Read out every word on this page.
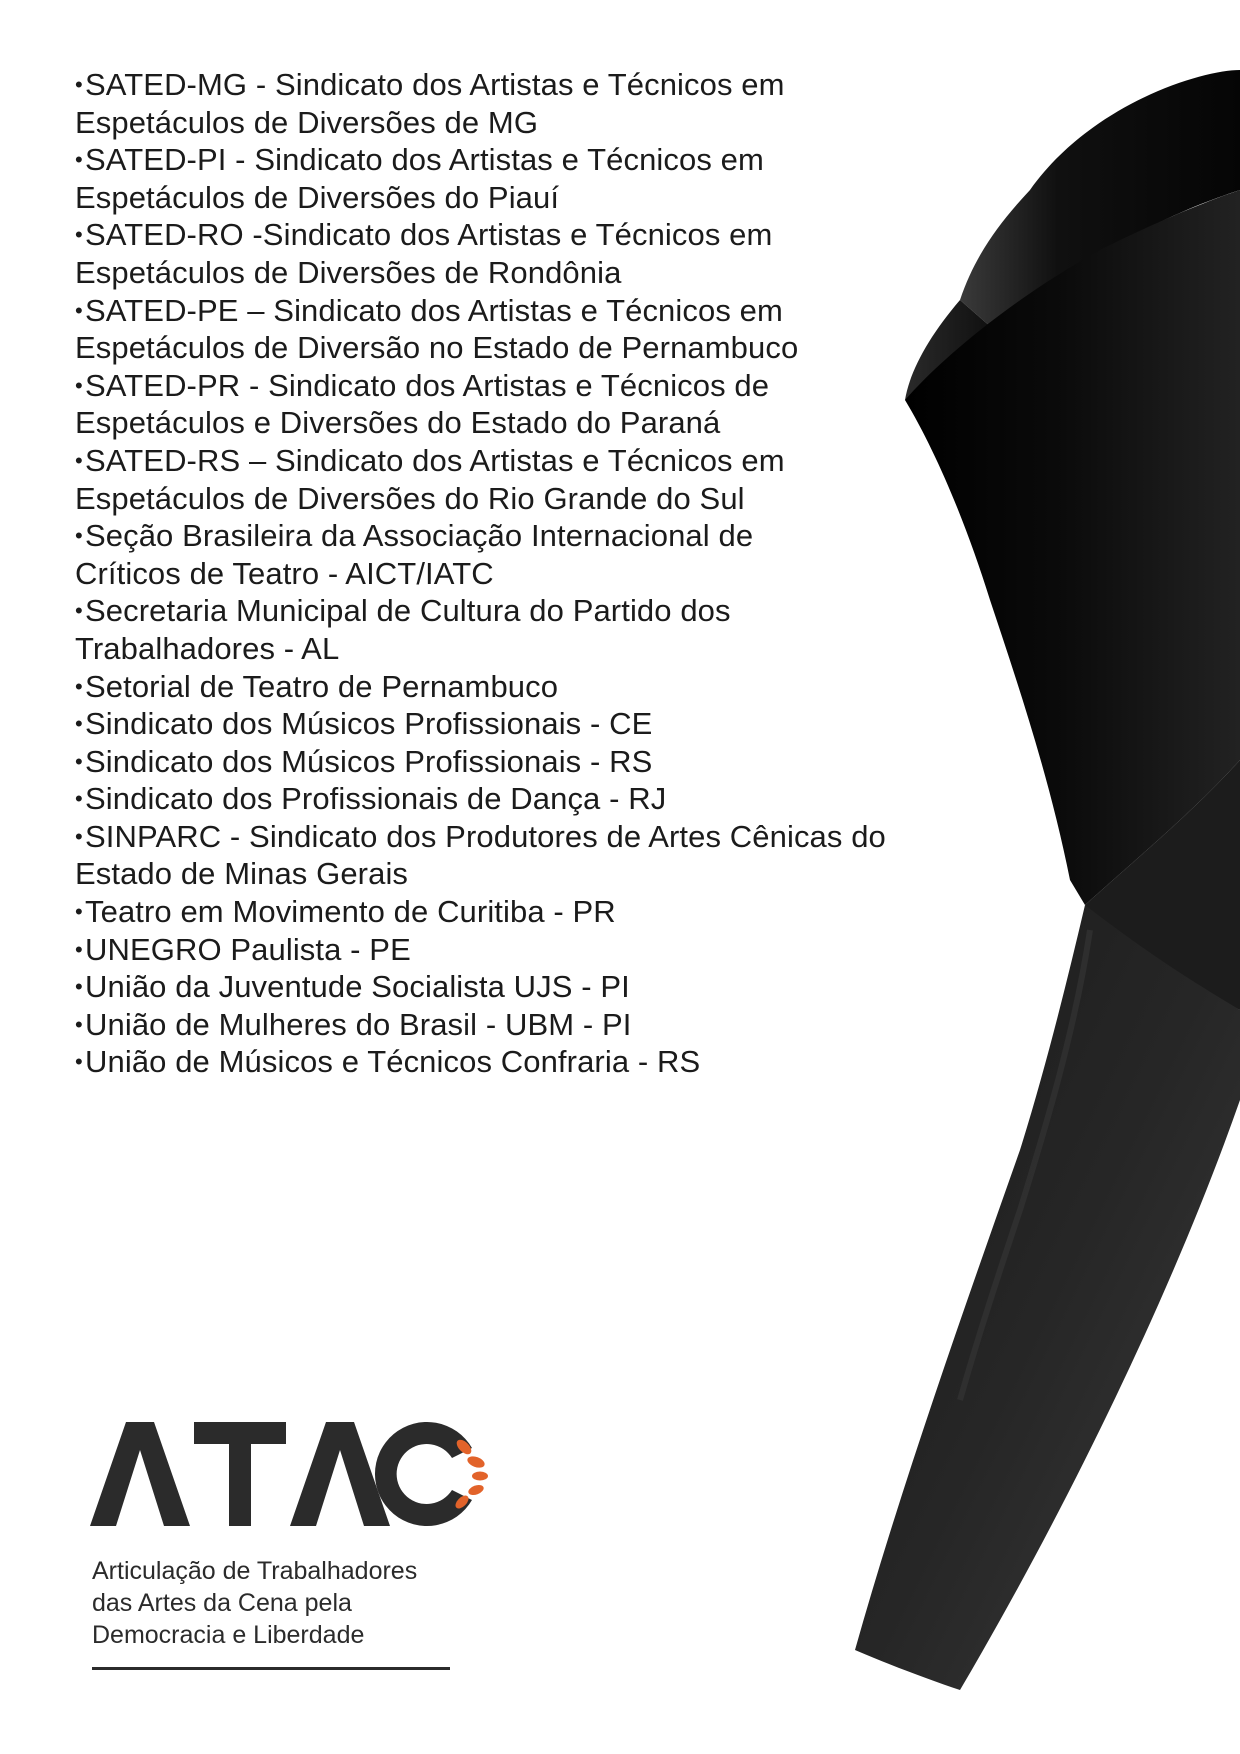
•SATED-MG - Sindicato dos Artistas e Técnicos em
Espetáculos de Diversões de MG
•SATED-PI - Sindicato dos Artistas e Técnicos em
Espetáculos de Diversões do Piauí
•SATED-RO -Sindicato dos Artistas e Técnicos em
Espetáculos de Diversões de Rondônia
•SATED-PE – Sindicato dos Artistas e Técnicos em
Espetáculos de Diversão no Estado de Pernambuco
•SATED-PR - Sindicato dos Artistas e Técnicos de
Espetáculos e Diversões do Estado do Paraná
•SATED-RS – Sindicato dos Artistas e Técnicos em
Espetáculos de Diversões do Rio Grande do Sul
•Seção Brasileira da Associação Internacional de
Críticos de Teatro - AICT/IATC
•Secretaria Municipal de Cultura do Partido dos
Trabalhadores - AL
•Setorial de Teatro de Pernambuco
•Sindicato dos Músicos Profissionais - CE
•Sindicato dos Músicos Profissionais - RS
•Sindicato dos Profissionais de Dança - RJ
•SINPARC - Sindicato dos Produtores de Artes Cênicas do
Estado de Minas Gerais
•Teatro em Movimento de Curitiba - PR
•UNEGRO Paulista - PE
•União da Juventude Socialista UJS - PI
•União de Mulheres do Brasil - UBM - PI
•União de Músicos e Técnicos Confraria - RS
Articulação de Trabalhadores
das Artes da Cena pela
Democracia e Liberdade
